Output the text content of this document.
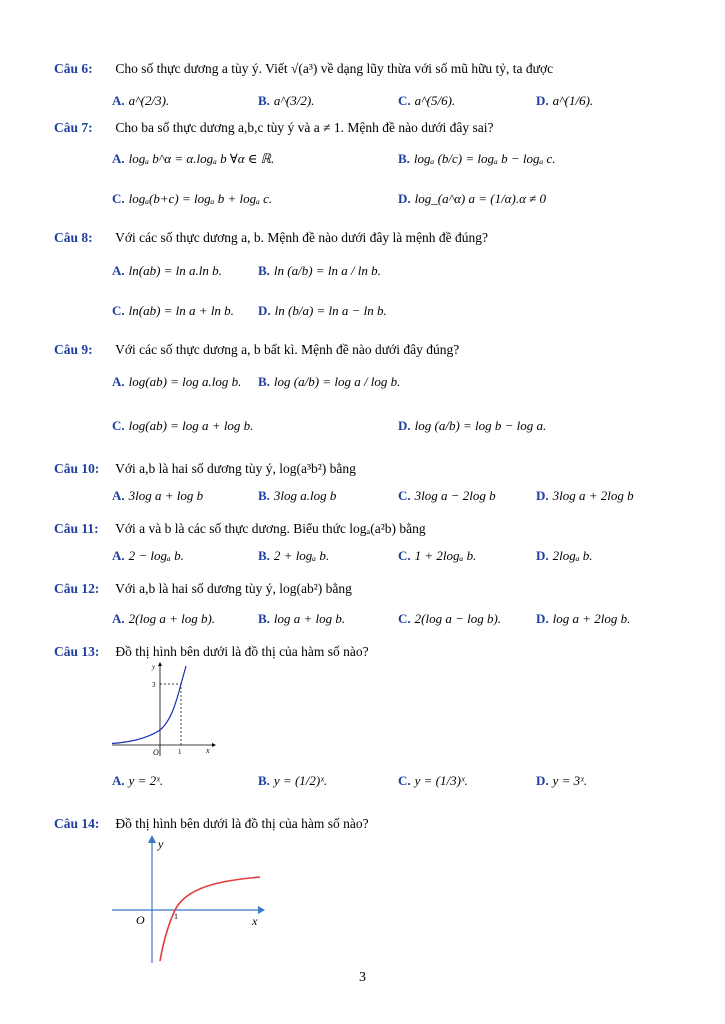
Câu 6: Cho số thực dương a tùy ý. Viết √(a³) về dạng lũy thừa với số mũ hữu tỷ, ta được
A. a^(2/3).	B. a^(3/2).	C. a^(5/6).	D. a^(1/6).
Câu 7: Cho ba số thực dương a,b,c tùy ý và a ≠ 1. Mệnh đề nào dưới đây sai?
A. logₐ b^α = α.logₐ b ∀α ∈ ℝ.	B. logₐ (b/c) = logₐ b − logₐ c.
C. logₐ(b+c) = logₐ b + logₐ c.	D. log_(a^α) a = (1/α).α ≠ 0
Câu 8: Với các số thực dương a, b. Mệnh đề nào dưới đây là mệnh đề đúng?
A. ln(ab) = ln a.ln b.	B. ln (a/b) = ln a / ln b.
C. ln(ab) = ln a + ln b. D. ln (b/a) = ln a − ln b.
Câu 9: Với các số thực dương a, b bất kì. Mệnh đề nào dưới đây đúng?
A. log(ab) = log a.log b. B. log (a/b) = log a / log b.
C. log(ab) = log a + log b.	D. log (a/b) = log b − log a.
Câu 10: Với a,b là hai số dương tùy ý, log(a³b²) bằng
A. 3log a + log b	B. 3log a.log b	C. 3log a − 2log b	D. 3log a + 2log b
Câu 11: Với a và b là các số thực dương. Biểu thức logₐ(a²b) bằng
A. 2 − logₐ b.	B. 2 + logₐ b.	C. 1 + 2logₐ b.	D. 2logₐ b.
Câu 12: Với a,b là hai số dương tùy ý, log(ab²) bằng
A. 2(log a + log b).	B. log a + log b.	C. 2(log a − log b).	D. log a + 2log b.
Câu 13: Đồ thị hình bên dưới là đồ thị của hàm số nào?
y
x
O	1
3
A. y = 2ˣ.	B. y = (1/2)ˣ.	C. y = (1/3)ˣ.	D. y = 3ˣ.
Câu 14: Đồ thị hình bên dưới là đồ thị của hàm số nào?
y
x
O	1
3
